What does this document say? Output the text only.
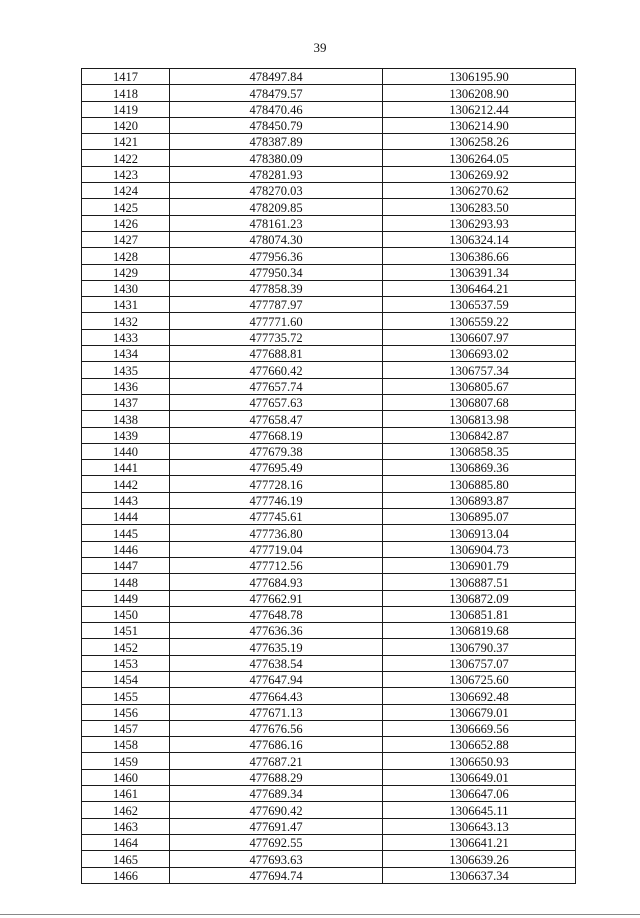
39
1417	478497.84	1306195.90
1418	478479.57	1306208.90
1419	478470.46	1306212.44
1420	478450.79	1306214.90
1421	478387.89	1306258.26
1422	478380.09	1306264.05
1423	478281.93	1306269.92
1424	478270.03	1306270.62
1425	478209.85	1306283.50
1426	478161.23	1306293.93
1427	478074.30	1306324.14
1428	477956.36	1306386.66
1429	477950.34	1306391.34
1430	477858.39	1306464.21
1431	477787.97	1306537.59
1432	477771.60	1306559.22
1433	477735.72	1306607.97
1434	477688.81	1306693.02
1435	477660.42	1306757.34
1436	477657.74	1306805.67
1437	477657.63	1306807.68
1438	477658.47	1306813.98
1439	477668.19	1306842.87
1440	477679.38	1306858.35
1441	477695.49	1306869.36
1442	477728.16	1306885.80
1443	477746.19	1306893.87
1444	477745.61	1306895.07
1445	477736.80	1306913.04
1446	477719.04	1306904.73
1447	477712.56	1306901.79
1448	477684.93	1306887.51
1449	477662.91	1306872.09
1450	477648.78	1306851.81
1451	477636.36	1306819.68
1452	477635.19	1306790.37
1453	477638.54	1306757.07
1454	477647.94	1306725.60
1455	477664.43	1306692.48
1456	477671.13	1306679.01
1457	477676.56	1306669.56
1458	477686.16	1306652.88
1459	477687.21	1306650.93
1460	477688.29	1306649.01
1461	477689.34	1306647.06
1462	477690.42	1306645.11
1463	477691.47	1306643.13
1464	477692.55	1306641.21
1465	477693.63	1306639.26
1466	477694.74	1306637.34
